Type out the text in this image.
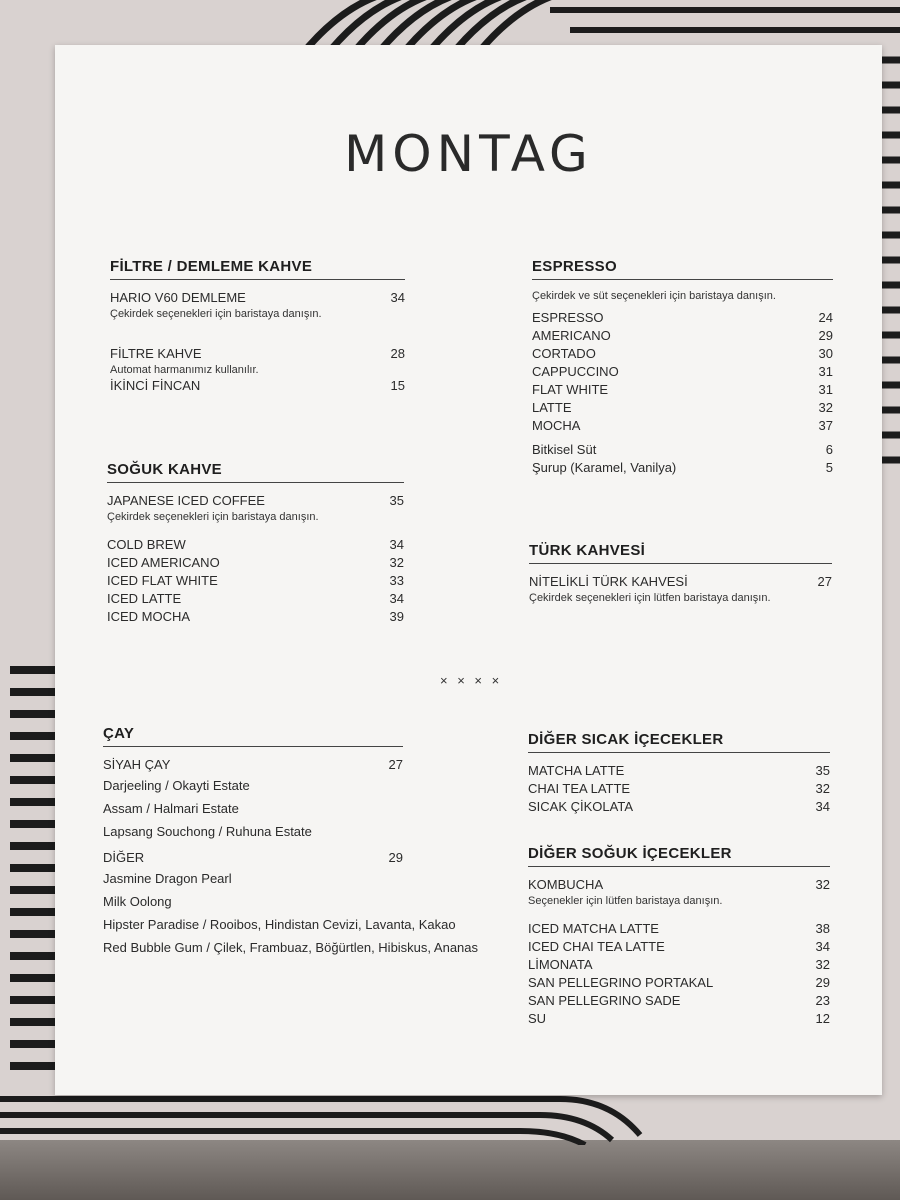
MONTAG
FİLTRE / DEMLEME KAHVE
HARIO V60 DEMLEME	34
Çekirdek seçenekleri için baristaya danışın.
FİLTRE KAHVE	28
Automat harmanımız kullanılır.
İKİNCİ FİNCAN	15
SOĞUK KAHVE
JAPANESE ICED COFFEE	35
Çekirdek seçenekleri için baristaya danışın.
COLD BREW	34
ICED AMERICANO	32
ICED FLAT WHITE	33
ICED LATTE	34
ICED MOCHA	39
ESPRESSO
Çekirdek ve süt seçenekleri için baristaya danışın.
ESPRESSO	24
AMERICANO	29
CORTADO	30
CAPPUCCINO	31
FLAT WHITE	31
LATTE	32
MOCHA	37
Bitkisel Süt	6
Şurup (Karamel, Vanilya)	5
TÜRK KAHVESİ
NİTELİKLİ TÜRK KAHVESİ	27
Çekirdek seçenekleri için lütfen baristaya danışın.
× × × ×
ÇAY
SİYAH ÇAY	27
Darjeeling / Okayti Estate
Assam / Halmari Estate
Lapsang Souchong / Ruhuna Estate
DİĞER	29
Jasmine Dragon Pearl
Milk Oolong
Hipster Paradise / Rooibos, Hindistan Cevizi, Lavanta, Kakao
Red Bubble Gum / Çilek, Frambuaz, Böğürtlen, Hibiskus, Ananas
DİĞER SICAK İÇECEKLER
MATCHA LATTE	35
CHAI TEA LATTE	32
SICAK ÇİKOLATA	34
DİĞER SOĞUK İÇECEKLER
KOMBUCHA	32
Seçenekler için lütfen baristaya danışın.
ICED MATCHA LATTE	38
ICED CHAI TEA LATTE	34
LİMONATA	32
SAN PELLEGRINO PORTAKAL	29
SAN PELLEGRINO SADE	23
SU	12
